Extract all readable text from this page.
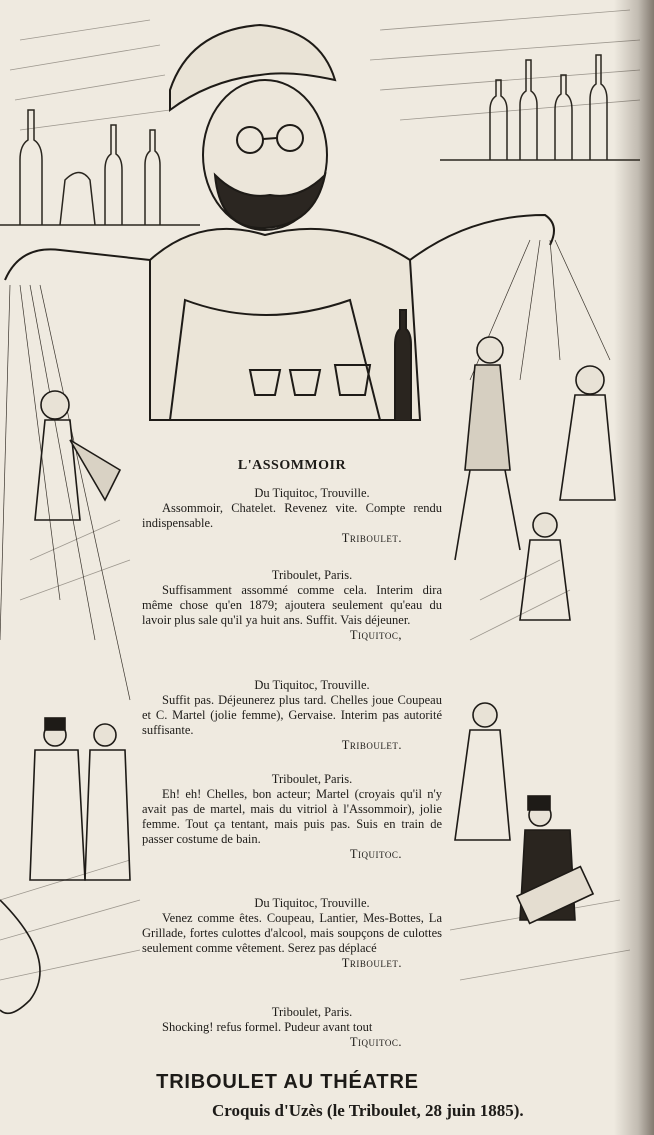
L'ASSOMMOIR
Du Tiquitoc, Trouville.
Assommoir, Chatelet. Revenez vite. Compte rendu indispensable.
Triboulet.
Triboulet, Paris.
Suffisamment assommé comme cela. Interim dira même chose qu'en 1879; ajoutera seulement qu'eau du lavoir plus sale qu'il ya huit ans. Suffit. Vais déjeuner.
Tiquitoc,
Du Tiquitoc, Trouville.
Suffit pas. Déjeunerez plus tard. Chelles joue Coupeau et C. Martel (jolie femme), Gervaise. Interim pas autorité suffisante.
Triboulet.
Triboulet, Paris.
Eh! eh! Chelles, bon acteur; Martel (croyais qu'il n'y avait pas de martel, mais du vitriol à l'Assommoir), jolie femme. Tout ça tentant, mais puis pas. Suis en train de passer costume de bain.
Tiquitoc.
Du Tiquitoc, Trouville.
Venez comme êtes. Coupeau, Lantier, Mes-Bottes, La Grillade, fortes culottes d'alcool, mais soupçons de culottes seulement comme vêtement. Serez pas déplacé
Triboulet.
Triboulet, Paris.
Shocking! refus formel. Pudeur avant tout
Tiquitoc.
TRIBOULET AU THÉATRE
Croquis d'Uzès (le Triboulet, 28 juin 1885).
